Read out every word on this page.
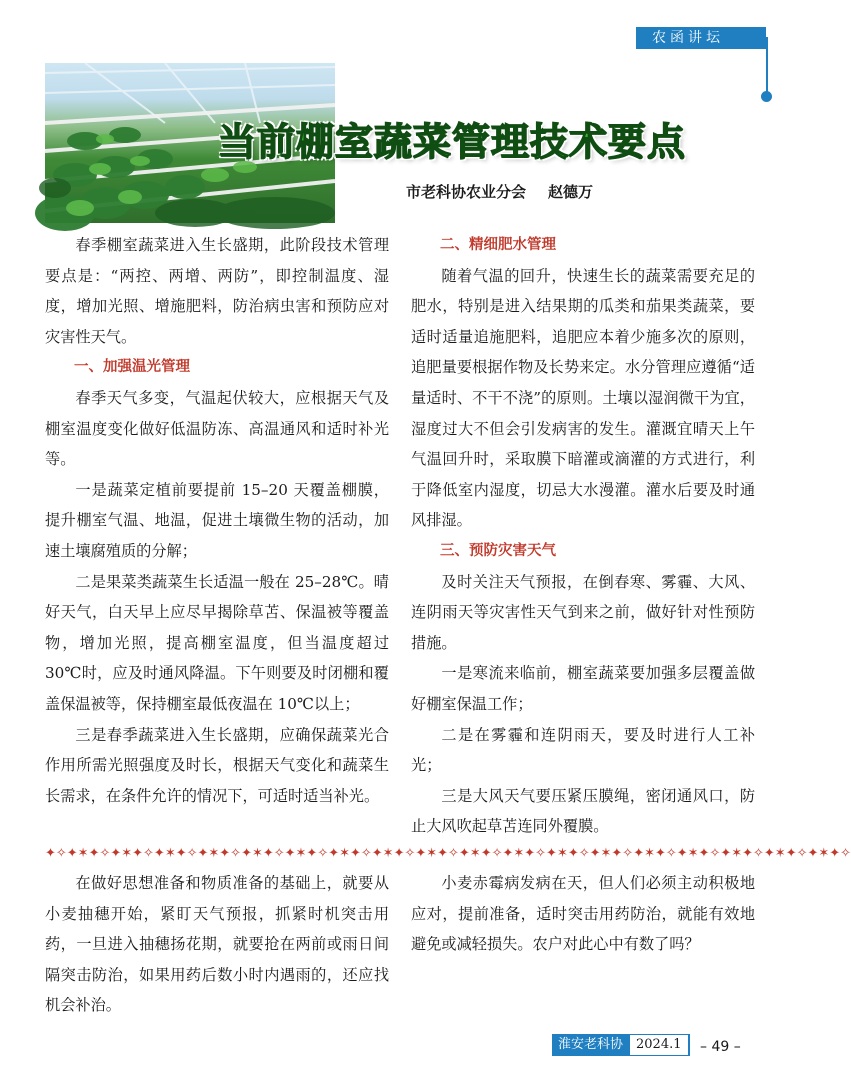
农函讲坛
当前棚室蔬菜管理技术要点
市老科协农业分会 赵德万

春季棚室蔬菜进入生长盛期，此阶段技术管理要点是：“两控、两增、两防”，即控制温度、湿度，增加光照、增施肥料，防治病虫害和预防应对灾害性天气。

一、加强温光管理

春季天气多变，气温起伏较大，应根据天气及棚室温度变化做好低温防冻、高温通风和适时补光等。

一是蔬菜定植前要提前 15–20 天覆盖棚膜，提升棚室气温、地温，促进土壤微生物的活动，加速土壤腐殖质的分解；

二是果菜类蔬菜生长适温一般在 25–28℃。晴好天气，白天早上应尽早揭除草苫、保温被等覆盖物，增加光照，提高棚室温度，但当温度超过 30℃时，应及时通风降温。下午则要及时闭棚和覆盖保温被等，保持棚室最低夜温在 10℃以上；

三是春季蔬菜进入生长盛期，应确保蔬菜光合作用所需光照强度及时长，根据天气变化和蔬菜生长需求，在条件允许的情况下，可适时适当补光。

二、精细肥水管理

随着气温的回升，快速生长的蔬菜需要充足的肥水，特别是进入结果期的瓜类和茄果类蔬菜，要适时适量追施肥料，追肥应本着少施多次的原则，追肥量要根据作物及长势来定。水分管理应遵循“适量适时、不干不浇”的原则。土壤以湿润微干为宜，湿度过大不但会引发病害的发生。灌溉宜晴天上午气温回升时，采取膜下暗灌或滴灌的方式进行，利于降低室内湿度，切忌大水漫灌。灌水后要及时通风排湿。

三、预防灾害天气

及时关注天气预报，在倒春寒、雾霾、大风、连阴雨天等灾害性天气到来之前，做好针对性预防措施。

一是寒流来临前，棚室蔬菜要加强多层覆盖做好棚室保温工作；

二是在雾霾和连阴雨天，要及时进行人工补光；

三是大风天气要压紧压膜绳，密闭通风口，防止大风吹起草苫连同外覆膜。

✦✧✦✶✦✧✦✶✦✧✦✶✦✧✦✶✦✧✦✶✦✧✦✶✦✧✦✶✦✧✦✶✦✧✦✶✦✧✦✶✦✧✦✶✦✧✦✶✦✧✦✶✦✧✦✶✦✧✦✶✦✧✦✶✦✧✦✶✦✧✦✶✦✧

在做好思想准备和物质准备的基础上，就要从小麦抽穗开始，紧盯天气预报，抓紧时机突击用药，一旦进入抽穗扬花期，就要抢在两前或雨日间隔突击防治，如果用药后数小时内遇雨的，还应找机会补治。

小麦赤霉病发病在天，但人们必须主动积极地应对，提前准备，适时突击用药防治，就能有效地避免或减轻损失。农户对此心中有数了吗？

淮安老科协	2024.1	– 49 –
